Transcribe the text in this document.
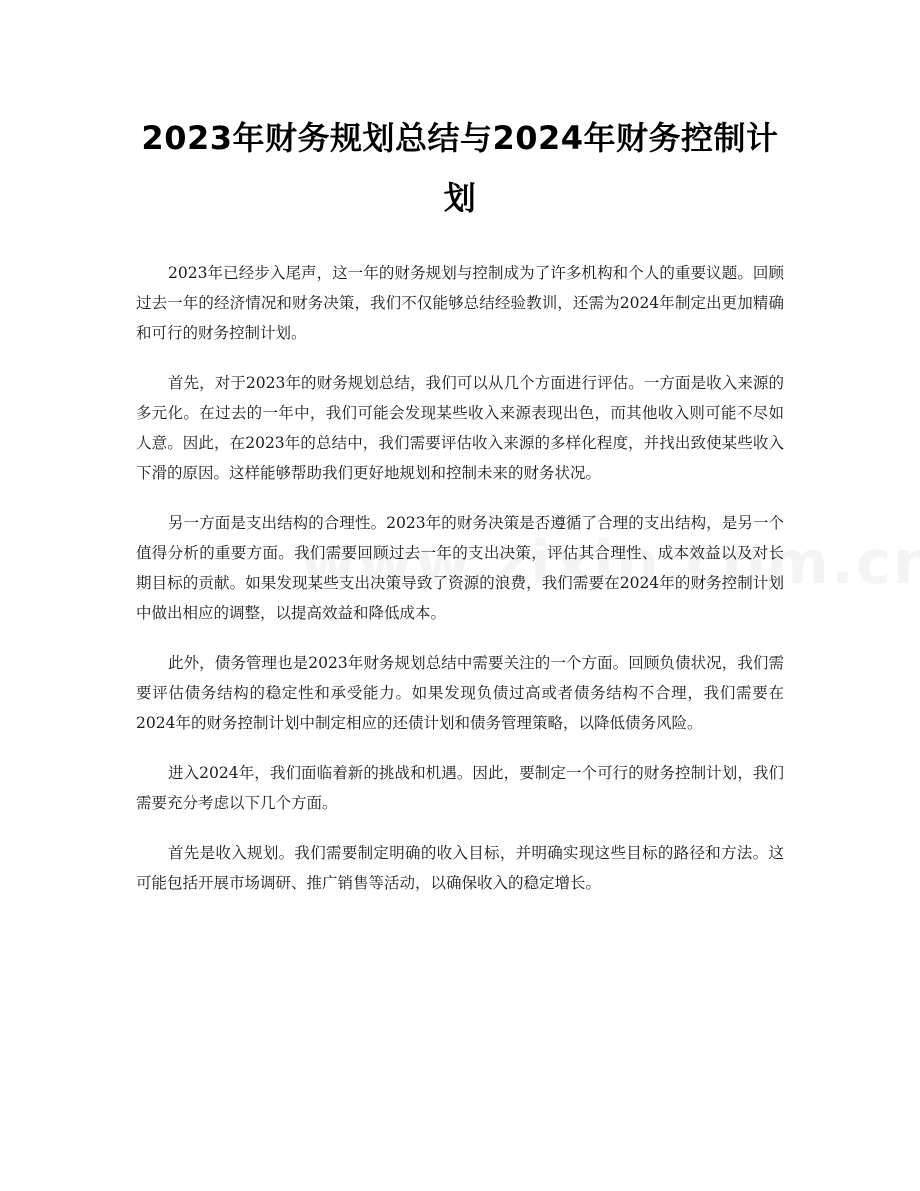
2023年财务规划总结与2024年财务控制计划

2023年已经步入尾声，这一年的财务规划与控制成为了许多机构和个人的重要议题。回顾过去一年的经济情况和财务决策，我们不仅能够总结经验教训，还需为2024年制定出更加精确和可行的财务控制计划。

首先，对于2023年的财务规划总结，我们可以从几个方面进行评估。一方面是收入来源的多元化。在过去的一年中，我们可能会发现某些收入来源表现出色，而其他收入则可能不尽如人意。因此，在2023年的总结中，我们需要评估收入来源的多样化程度，并找出致使某些收入下滑的原因。这样能够帮助我们更好地规划和控制未来的财务状况。

另一方面是支出结构的合理性。2023年的财务决策是否遵循了合理的支出结构，是另一个值得分析的重要方面。我们需要回顾过去一年的支出决策，评估其合理性、成本效益以及对长期目标的贡献。如果发现某些支出决策导致了资源的浪费，我们需要在2024年的财务控制计划中做出相应的调整，以提高效益和降低成本。

此外，债务管理也是2023年财务规划总结中需要关注的一个方面。回顾负债状况，我们需要评估债务结构的稳定性和承受能力。如果发现负债过高或者债务结构不合理，我们需要在2024年的财务控制计划中制定相应的还债计划和债务管理策略，以降低债务风险。

进入2024年，我们面临着新的挑战和机遇。因此，要制定一个可行的财务控制计划，我们需要充分考虑以下几个方面。

首先是收入规划。我们需要制定明确的收入目标，并明确实现这些目标的路径和方法。这可能包括开展市场调研、推广销售等活动，以确保收入的稳定增长。
